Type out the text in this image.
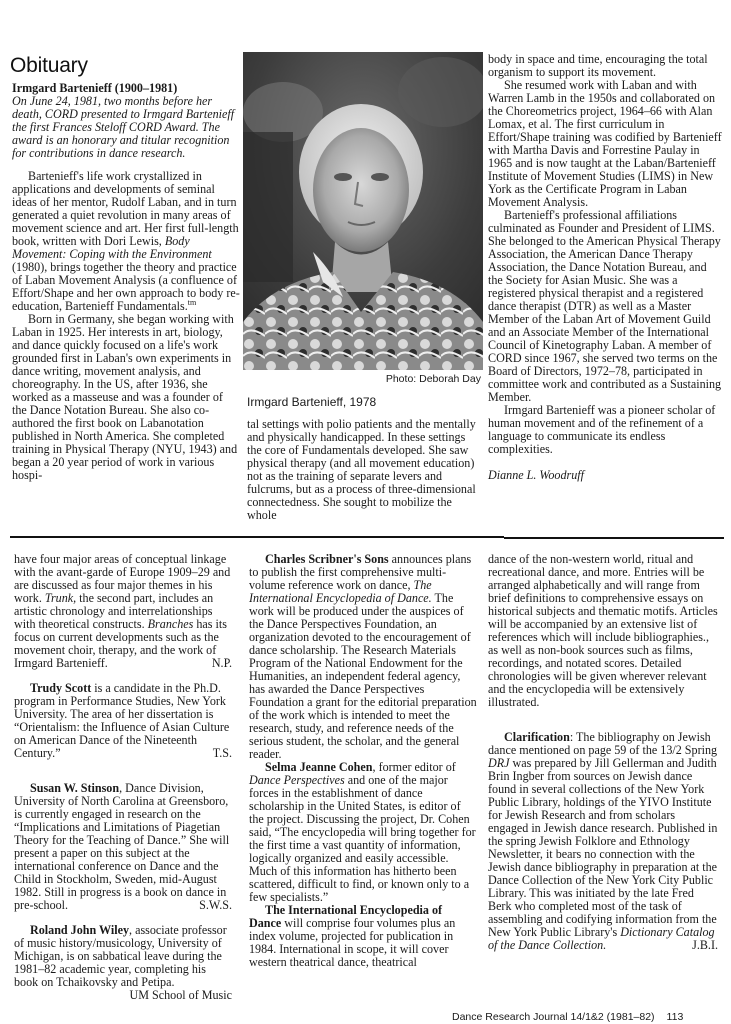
Obituary

Irmgard Bartenieff (1900–1981)

On June 24, 1981, two months before her death, CORD presented to Irmgard Bartenieff the first Frances Steloff CORD Award. The award is an honorary and titular recognition for contributions in dance research.

Bartenieff's life work crystallized in applications and developments of seminal ideas of her mentor, Rudolf Laban, and in turn generated a quiet revolution in many areas of movement science and art. Her first full-length book, written with Dori Lewis, Body Movement: Coping with the Environment (1980), brings together the theory and practice of Laban Movement Analysis (a confluence of Effort/Shape and her own approach to body re-education, Bartenieff Fundamentals.$^{tm}$

Born in Germany, she began working with Laban in 1925. Her interests in art, biology, and dance quickly focused on a life's work grounded first in Laban's own experiments in dance writing, movement analysis, and choreography. In the US, after 1936, she worked as a masseuse and was a founder of the Dance Notation Bureau. She also co-authored the first book on Labanotation published in North America. She completed training in Physical Therapy (NYU, 1943) and began a 20 year period of work in various hospi-

Photo: Deborah Day
Irmgard Bartenieff, 1978

tal settings with polio patients and the mentally and physically handicapped. In these settings the core of Fundamentals developed. She saw physical therapy (and all movement education) not as the training of separate levers and fulcrums, but as a process of three-dimensional connectedness. She sought to mobilize the whole

body in space and time, encouraging the total organism to support its movement.

She resumed work with Laban and with Warren Lamb in the 1950s and collaborated on the Choreometrics project, 1964–66 with Alan Lomax, et al. The first curriculum in Effort/Shape training was codified by Bartenieff with Martha Davis and Forrestine Paulay in 1965 and is now taught at the Laban/Bartenieff Institute of Movement Studies (LIMS) in New York as the Certificate Program in Laban Movement Analysis.

Bartenieff's professional affiliations culminated as Founder and President of LIMS. She belonged to the American Physical Therapy Association, the American Dance Therapy Association, the Dance Notation Bureau, and the Society for Asian Music. She was a registered physical therapist and a registered dance therapist (DTR) as well as a Master Member of the Laban Art of Movement Guild and an Associate Member of the International Council of Kinetography Laban. A member of CORD since 1967, she served two terms on the Board of Directors, 1972–78, participated in committee work and contributed as a Sustaining Member.

Irmgard Bartenieff was a pioneer scholar of human movement and of the refinement of a language to communicate its endless complexities.

Dianne L. Woodruff

have four major areas of conceptual linkage with the avant-garde of Europe 1909–29 and are discussed as four major themes in his work. Trunk, the second part, includes an artistic chronology and interrelationships with theoretical constructs. Branches has its focus on current developments such as the movement choir, therapy, and the work of Irmgard Bartenieff.	N.P.

Trudy Scott is a candidate in the Ph.D. program in Performance Studies, New York University. The area of her dissertation is “Orientalism: the Influence of Asian Culture on American Dance of the Nineteenth Century.”	T.S.

Susan W. Stinson, Dance Division, University of North Carolina at Greensboro, is currently engaged in research on the “Implications and Limitations of Piagetian Theory for the Teaching of Dance.” She will present a paper on this subject at the international conference on Dance and the Child in Stockholm, Sweden, mid-August 1982. Still in progress is a book on dance in pre-school.	S.W.S.

Roland John Wiley, associate professor of music history/musicology, University of Michigan, is on sabbatical leave during the 1981–82 academic year, completing his book on Tchaikovsky and Petipa.
UM School of Music

Charles Scribner's Sons announces plans to publish the first comprehensive multi-volume reference work on dance, The International Encyclopedia of Dance. The work will be produced under the auspices of the Dance Perspectives Foundation, an organization devoted to the encouragement of dance scholarship. The Research Materials Program of the National Endowment for the Humanities, an independent federal agency, has awarded the Dance Perspectives Foundation a grant for the editorial preparation of the work which is intended to meet the research, study, and reference needs of the serious student, the scholar, and the general reader.

Selma Jeanne Cohen, former editor of Dance Perspectives and one of the major forces in the establishment of dance scholarship in the United States, is editor of the project. Discussing the project, Dr. Cohen said, “The encyclopedia will bring together for the first time a vast quantity of information, logically organized and easily accessible. Much of this information has hitherto been scattered, difficult to find, or known only to a few specialists.”

The International Encyclopedia of Dance will comprise four volumes plus an index volume, projected for publication in 1984. International in scope, it will cover western theatrical dance, theatrical

dance of the non-western world, ritual and recreational dance, and more. Entries will be arranged alphabetically and will range from brief definitions to comprehensive essays on historical subjects and thematic motifs. Articles will be accompanied by an extensive list of references which will include bibliographies., as well as non-book sources such as films, recordings, and notated scores. Detailed chronologies will be given wherever relevant and the encyclopedia will be extensively illustrated.

Clarification: The bibliography on Jewish dance mentioned on page 59 of the 13/2 Spring DRJ was prepared by Jill Gellerman and Judith Brin Ingber from sources on Jewish dance found in several collections of the New York Public Library, holdings of the YIVO Institute for Jewish Research and from scholars engaged in Jewish dance research. Published in the spring Jewish Folklore and Ethnology Newsletter, it bears no connection with the Jewish dance bibliography in preparation at the Dance Collection of the New York City Public Library. This was initiated by the late Fred Berk who completed most of the task of assembling and codifying information from the New York Public Library's Dictionary Catalog of the Dance Collection.	J.B.I.

Dance Research Journal 14/1&2 (1981–82) 113
